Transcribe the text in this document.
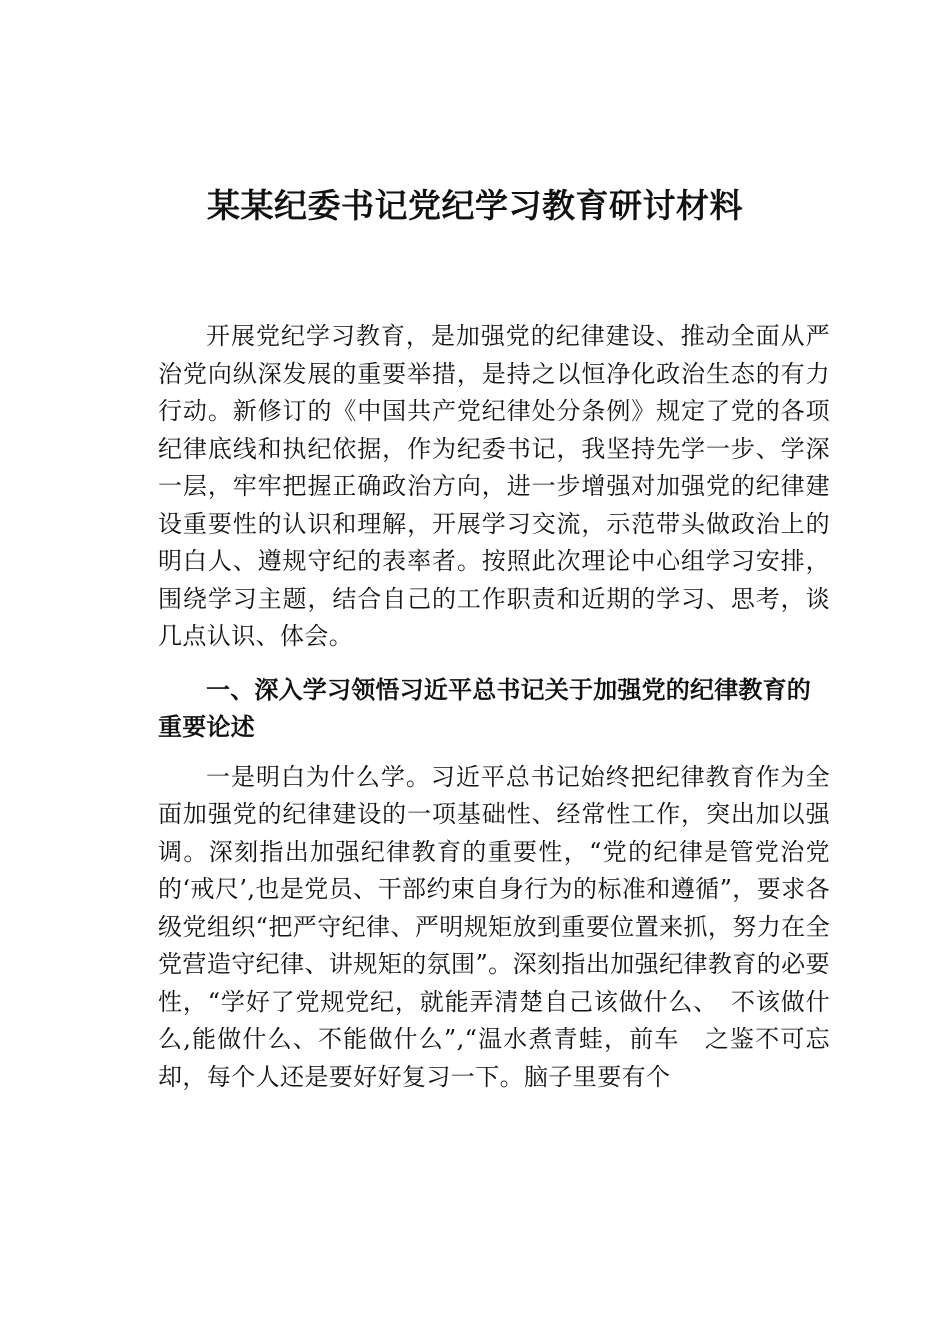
某某纪委书记党纪学习教育研讨材料

开展党纪学习教育，是加强党的纪律建设、推动全面从严治党向纵深发展的重要举措，是持之以恒净化政治生态的有力行动。新修订的《中国共产党纪律处分条例》规定了党的各项纪律底线和执纪依据，作为纪委书记，我坚持先学一步、学深一层，牢牢把握正确政治方向，进一步增强对加强党的纪律建设重要性的认识和理解，开展学习交流，示范带头做政治上的明白人、遵规守纪的表率者。按照此次理论中心组学习安排，围绕学习主题，结合自己的工作职责和近期的学习、思考，谈几点认识、体会。

一、深入学习领悟习近平总书记关于加强党的纪律教育的重要论述

一是明白为什么学。习近平总书记始终把纪律教育作为全面加强党的纪律建设的一项基础性、经常性工作，突出加以强调。深刻指出加强纪律教育的重要性，“党的纪律是管党治党的‘戒尺’,也是党员、干部约束自身行为的标准和遵循”，要求各级党组织“把严守纪律、严明规矩放到重要位置来抓，努力在全党营造守纪律、讲规矩的氛围”。深刻指出加强纪律教育的必要性，“学好了党规党纪，就能弄清楚自己该做什么、　不该做什么,能做什么、不能做什么”,“温水煮青蛙，前车　之鉴不可忘却，每个人还是要好好复习一下。脑子里要有个
